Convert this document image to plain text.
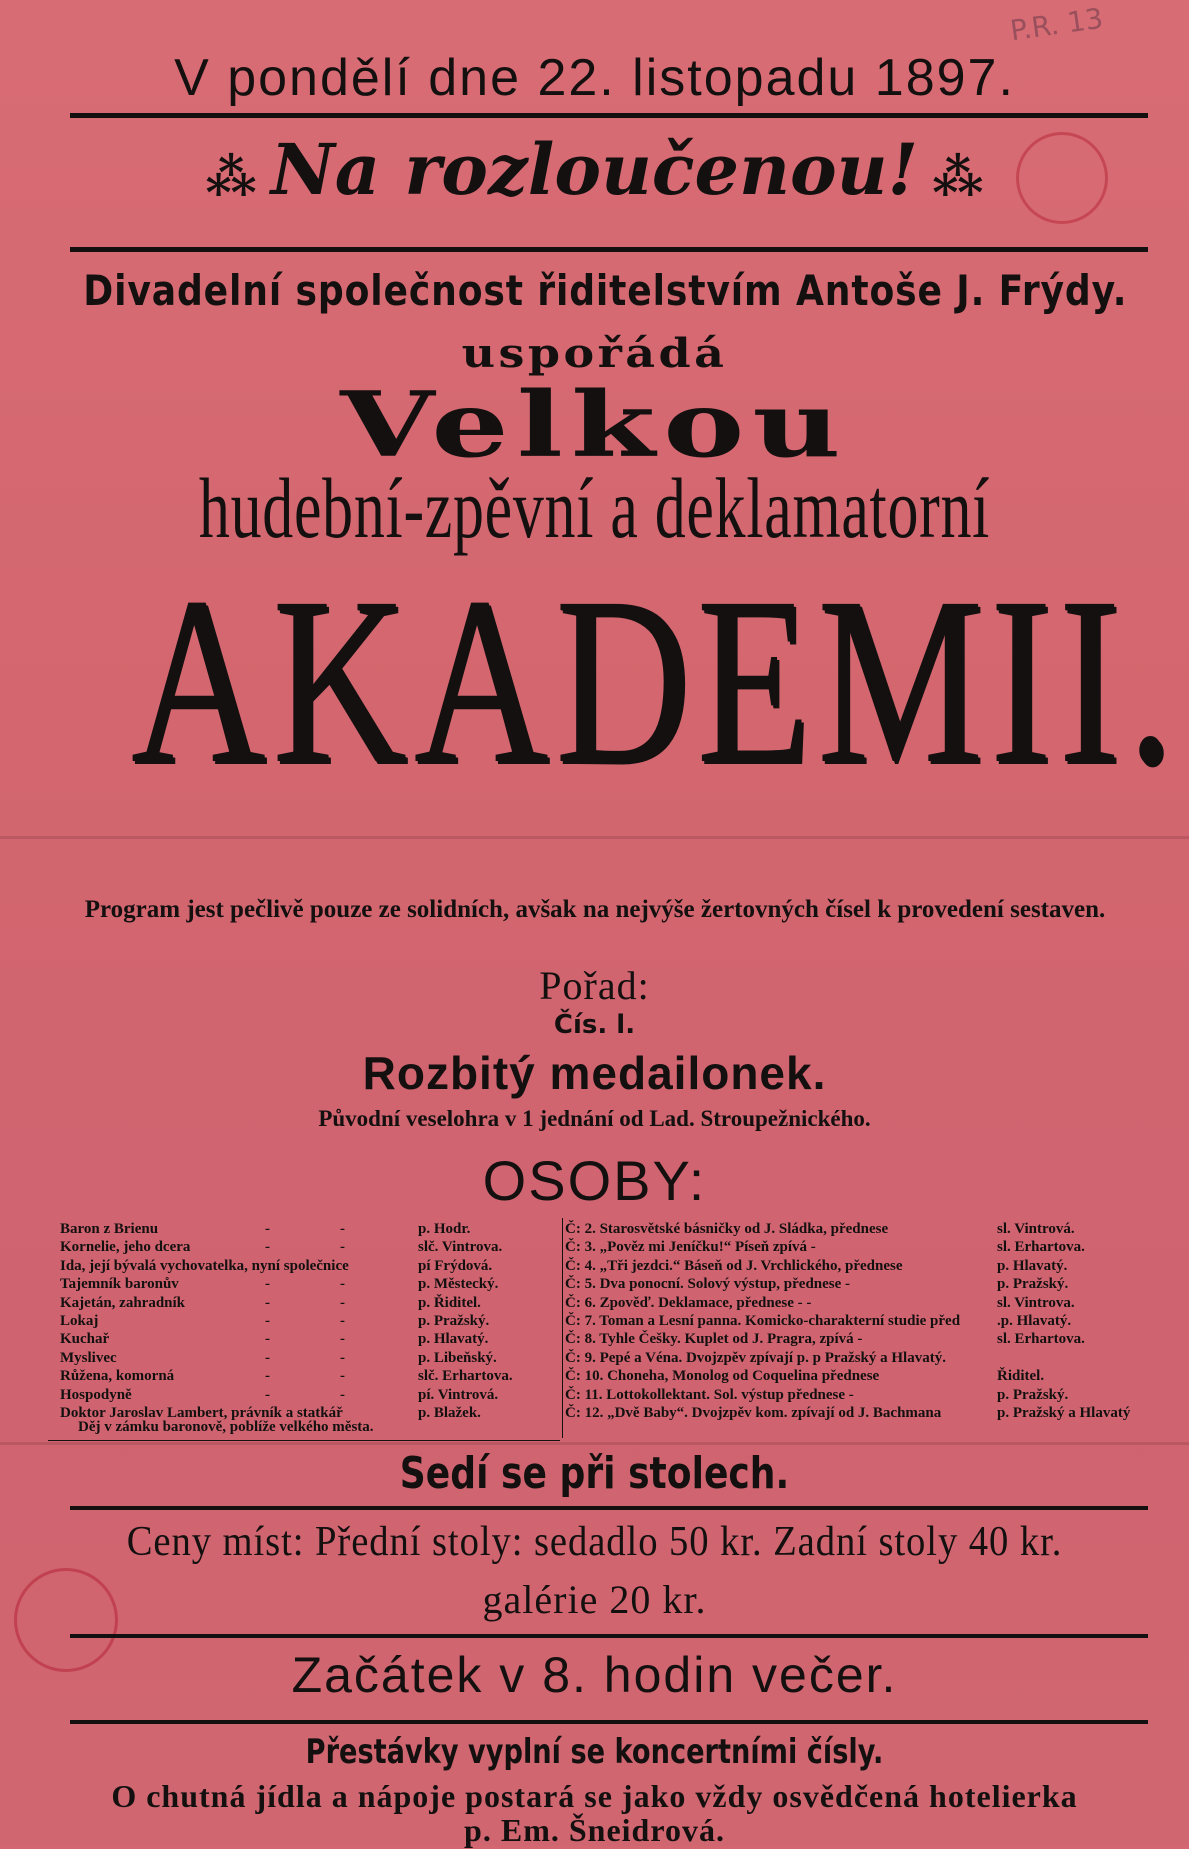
P.R. 13
V pondělí dne 22. listopadu 1897.
⁂ Na rozloučenou! ⁂
Divadelní společnost řiditelstvím Antoše J. Frýdy.
uspořádá
Velkou
hudební-zpěvní a deklamatorní
AKADEMII.
Program jest pečlivě pouze ze solidních, avšak na nejvýše žertovných čísel k provedení sestaven.
Pořad:
Čís. l.
Rozbitý medailonek.
Původní veselohra v 1 jednání od Lad. Stroupežnického.
OSOBY:
Baron z Brienu	-	-	p. Hodr.
Kornelie, jeho dcera	-	-	slč. Vintrova.
Ida, její bývalá vychovatelka, nyní společnice	pí Frýdová.
Tajemník baronův	-	-	p. Městecký.
Kajetán, zahradník	-	-	p. Řiditel.
Lokaj	-	-	p. Pražský.
Kuchař	-	-	p. Hlavatý.
Myslivec	-	-	p. Libeňský.
Růžena, komorná	-	-	slč. Erhartova.
Hospodyně	-	-	pí. Vintrová.
Doktor Jaroslav Lambert, právník a statkář	p. Blažek.
Děj v zámku baronově, poblíže velkého města.
Č: 2. Starosvětské básničky od J. Sládka, přednese	sl. Vintrová.
Č: 3. „Pověz mi Jeníčku!“ Píseň zpívá -	sl. Erhartova.
Č: 4. „Tři jezdci.“ Báseň od J. Vrchlického, přednese	p. Hlavatý.
Č: 5. Dva ponocní. Solový výstup, přednese -	p. Pražský.
Č: 6. Zpověď. Deklamace, přednese - -	sl. Vintrova.
Č: 7. Toman a Lesní panna. Komicko-charakterní studie před .p. Hlavatý.
Č: 8. Tyhle Češky. Kuplet od J. Pragra, zpívá -	sl. Erhartova.
Č: 9. Pepé a Véna. Dvojzpěv zpívají p. p Pražský a Hlavatý.
Č: 10. Choneha, Monolog od Coquelina přednese	Řiditel.
Č: 11. Lottokollektant. Sol. výstup přednese -	p. Pražský.
Č: 12. „Dvě Baby“. Dvojzpěv kom. zpívají od J. Bachmana	p. Pražský a Hlavatý
Sedí se při stolech.
Ceny míst: Přední stoly: sedadlo 50 kr. Zadní stoly 40 kr.
galérie 20 kr.
Začátek v 8. hodin večer.
Přestávky vyplní se koncertními čísly.
O chutná jídla a nápoje postará se jako vždy osvědčená hotelierka
p. Em. Šneidrová.
